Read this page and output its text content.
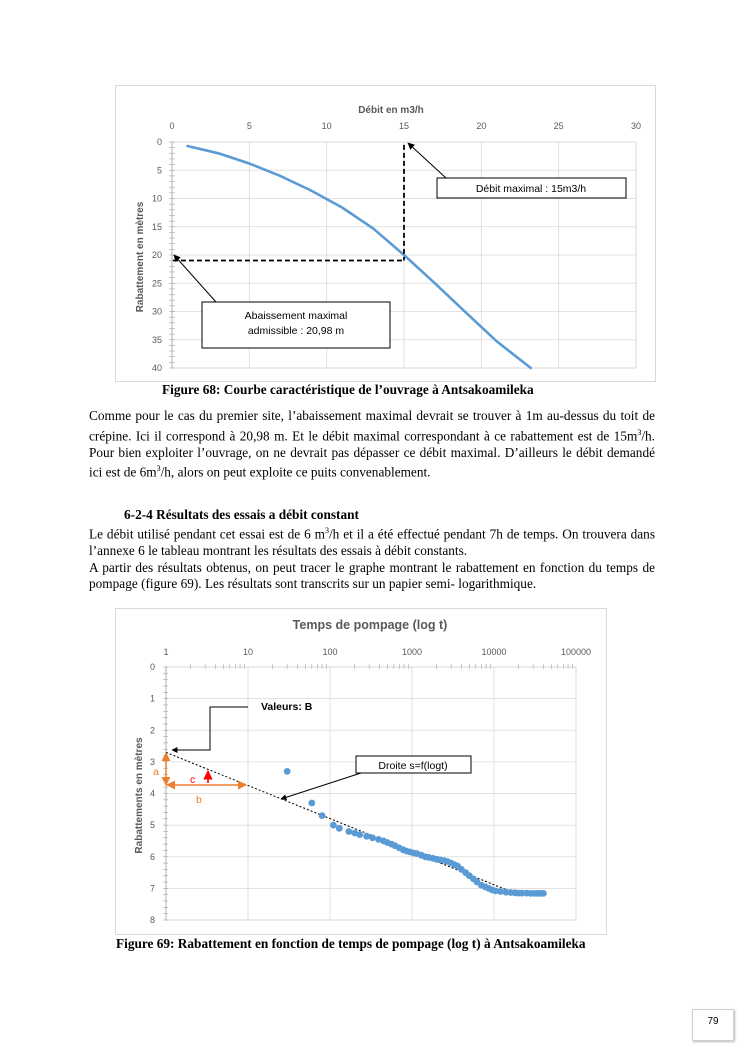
0	5	10	15	20	25	30
0
5
10
15
20
25
30
35
40
Débit en m3/h
Rabattement en mètres
Débit maximal : 15m3/h
Abaissement maximal
admissible : 20,98 m
Figure 68: Courbe caractéristique de l’ouvrage à Antsakoamileka

Comme pour le cas du premier site, l’abaissement maximal devrait se trouver à 1m au-dessus du toit de crépine. Ici il correspond à 20,98 m. Et le débit maximal correspondant à ce rabattement est de $15m^3/h$. Pour bien exploiter l’ouvrage, on ne devrait pas dépasser ce débit maximal. D’ailleurs le débit demandé ici est de $6m^3/h$, alors on peut exploite ce puits convenablement.

6-2-4 Résultats des essais a débit constant

Le débit utilisé pendant cet essai est de 6 $m^3/h$ et il a été effectué pendant 7h de temps. On trouvera dans l’annexe 6 le tableau montrant les résultats des essais à débit constants.

A partir des résultats obtenus, on peut tracer le graphe montrant le rabattement en fonction du temps de pompage (figure 69). Les résultats sont transcrits sur un papier semi- logarithmique.

1	10	100	1000	10000	100000
0
1
2
3
4
5
6
7
8
Temps de pompage (log t)
Rabattements en mètres
Valeurs: B
Droite s=f(logt)
a
b
c
Figure 69: Rabattement en fonction de temps de pompage (log t) à Antsakoamileka
79
